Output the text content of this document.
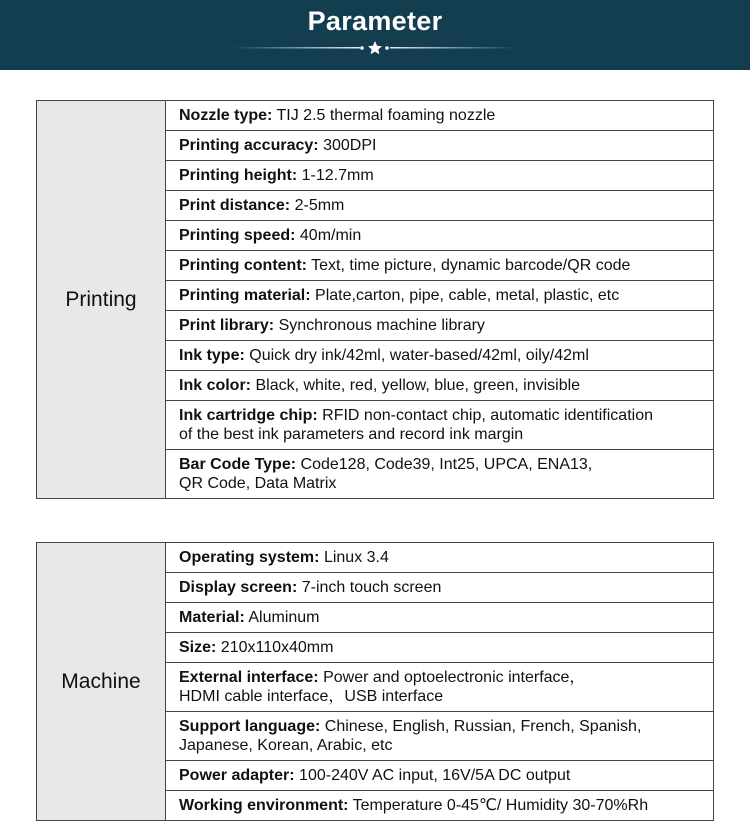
Parameter
Printing	Nozzle type: TIJ 2.5 thermal foaming nozzle
Printing accuracy: 300DPI
Printing height: 1-12.7mm
Print distance: 2-5mm
Printing speed: 40m/min
Printing content: Text, time picture, dynamic barcode/QR code
Printing material: Plate,carton, pipe, cable, metal, plastic, etc
Print library: Synchronous machine library
Ink type: Quick dry ink/42ml, water-based/42ml, oily/42ml
Ink color: Black, white, red, yellow, blue, green, invisible
Ink cartridge chip: RFID non-contact chip, automatic identification
of the best ink parameters and record ink margin
Bar Code Type: Code128, Code39, Int25, UPCA, ENA13,
QR Code, Data Matrix
Machine	Operating system: Linux 3.4
Display screen: 7-inch touch screen
Material: Aluminum
Size: 210x110x40mm
External interface: Power and optoelectronic interface，
HDMI cable interface，USB interface
Support language: Chinese, English, Russian, French, Spanish,
Japanese, Korean, Arabic, etc
Power adapter: 100-240V AC input, 16V/5A DC output
Working environment: Temperature 0-45℃/ Humidity 30-70%Rh
